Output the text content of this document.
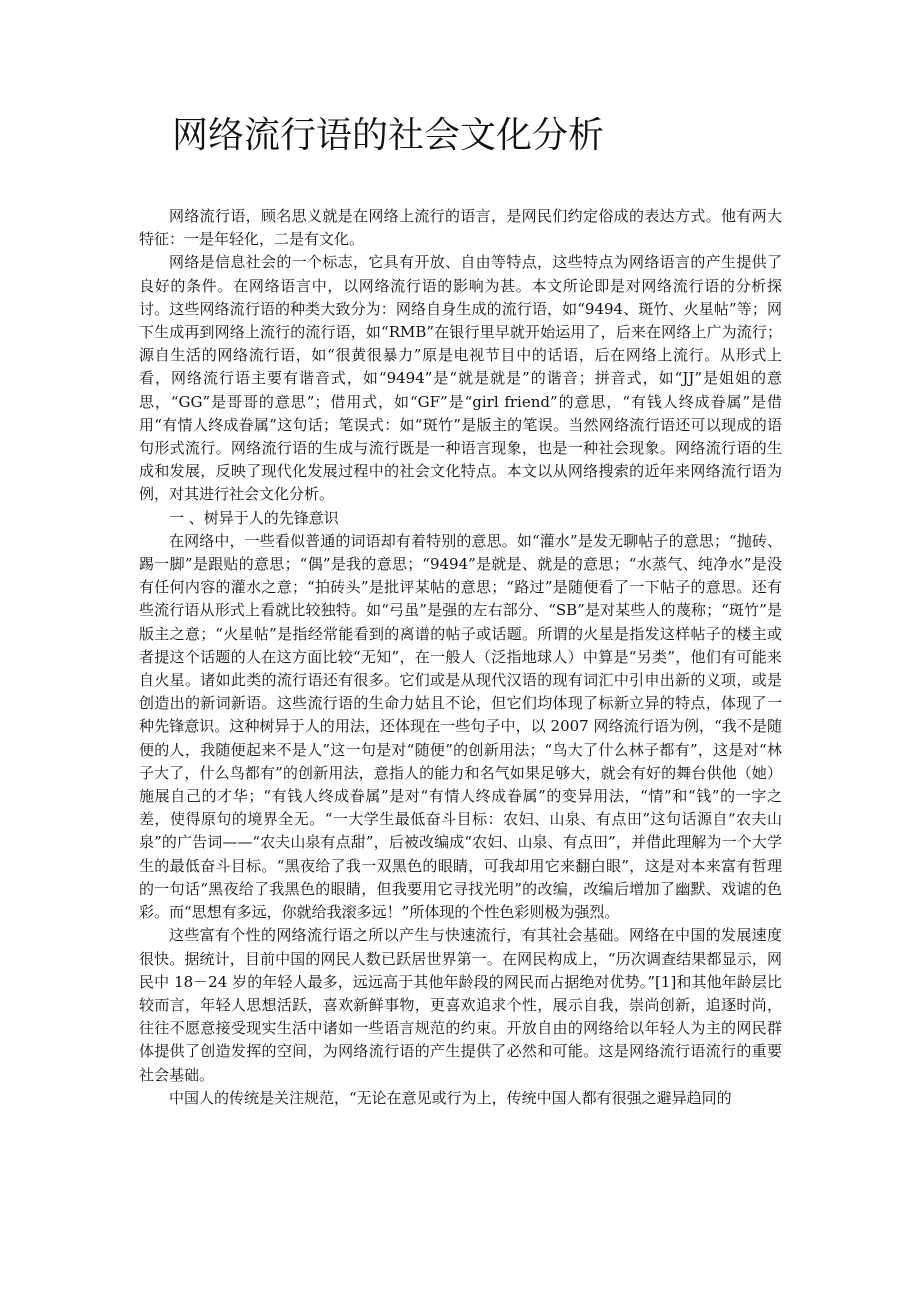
网络流行语的社会文化分析

网络流行语，顾名思义就是在网络上流行的语言，是网民们约定俗成的表达方式。他有两大特征：一是年轻化，二是有文化。

网络是信息社会的一个标志，它具有开放、自由等特点，这些特点为网络语言的产生提供了良好的条件。在网络语言中，以网络流行语的影响为甚。本文所论即是对网络流行语的分析探讨。这些网络流行语的种类大致分为：网络自身生成的流行语，如“9494、斑竹、火星帖”等；网下生成再到网络上流行的流行语，如“RMB”在银行里早就开始运用了，后来在网络上广为流行；源自生活的网络流行语，如“很黄很暴力”原是电视节目中的话语，后在网络上流行。从形式上看，网络流行语主要有谐音式，如“9494”是“就是就是”的谐音；拼音式，如“JJ”是姐姐的意思，“GG”是哥哥的意思”；借用式，如“GF”是“girl friend”的意思，“有钱人终成眷属”是借用“有情人终成眷属”这句话；笔误式：如“斑竹”是版主的笔误。当然网络流行语还可以现成的语句形式流行。网络流行语的生成与流行既是一种语言现象，也是一种社会现象。网络流行语的生成和发展，反映了现代化发展过程中的社会文化特点。本文以从网络搜索的近年来网络流行语为例，对其进行社会文化分析。

一 、树异于人的先锋意识

在网络中，一些看似普通的词语却有着特别的意思。如“灌水”是发无聊帖子的意思；“抛砖、踢一脚”是跟贴的意思；“偶”是我的意思；“9494”是就是、就是的意思；“水蒸气、纯净水”是没有任何内容的灌水之意；“拍砖头”是批评某帖的意思；“路过”是随便看了一下帖子的意思。还有些流行语从形式上看就比较独特。如“弓虽”是强的左右部分、“SB”是对某些人的蔑称；“斑竹”是版主之意；“火星帖”是指经常能看到的离谱的帖子或话题。所谓的火星是指发这样帖子的楼主或者提这个话题的人在这方面比较“无知”，在一般人（泛指地球人）中算是“另类”，他们有可能来自火星。诸如此类的流行语还有很多。它们或是从现代汉语的现有词汇中引申出新的义项，或是创造出的新词新语。这些流行语的生命力姑且不论，但它们均体现了标新立异的特点，体现了一种先锋意识。这种树异于人的用法，还体现在一些句子中，以 2007 网络流行语为例，“我不是随便的人，我随便起来不是人”这一句是对“随便”的创新用法；“鸟大了什么林子都有”，这是对“林子大了，什么鸟都有”的创新用法，意指人的能力和名气如果足够大，就会有好的舞台供他（她）施展自己的才华；“有钱人终成眷属”是对“有情人终成眷属”的变异用法，“情”和“钱”的一字之差，使得原句的境界全无。“一大学生最低奋斗目标：农妇、山泉、有点田”这句话源自“农夫山泉”的广告词——“农夫山泉有点甜”，后被改编成“农妇、山泉、有点田”，并借此理解为一个大学生的最低奋斗目标。“黑夜给了我一双黑色的眼睛，可我却用它来翻白眼”，这是对本来富有哲理的一句话“黑夜给了我黑色的眼睛，但我要用它寻找光明”的改编，改编后增加了幽默、戏谑的色彩。而“思想有多远，你就给我滚多远！”所体现的个性色彩则极为强烈。

这些富有个性的网络流行语之所以产生与快速流行，有其社会基础。网络在中国的发展速度很快。据统计，目前中国的网民人数已跃居世界第一。在网民构成上，“历次调查结果都显示，网民中 18－24 岁的年轻人最多，远远高于其他年龄段的网民而占据绝对优势。”[1]和其他年龄层比较而言，年轻人思想活跃，喜欢新鲜事物，更喜欢追求个性，展示自我，崇尚创新，追逐时尚，往往不愿意接受现实生活中诸如一些语言规范的约束。开放自由的网络给以年轻人为主的网民群体提供了创造发挥的空间，为网络流行语的产生提供了必然和可能。这是网络流行语流行的重要社会基础。

中国人的传统是关注规范，“无论在意见或行为上，传统中国人都有很强之避异趋同的
